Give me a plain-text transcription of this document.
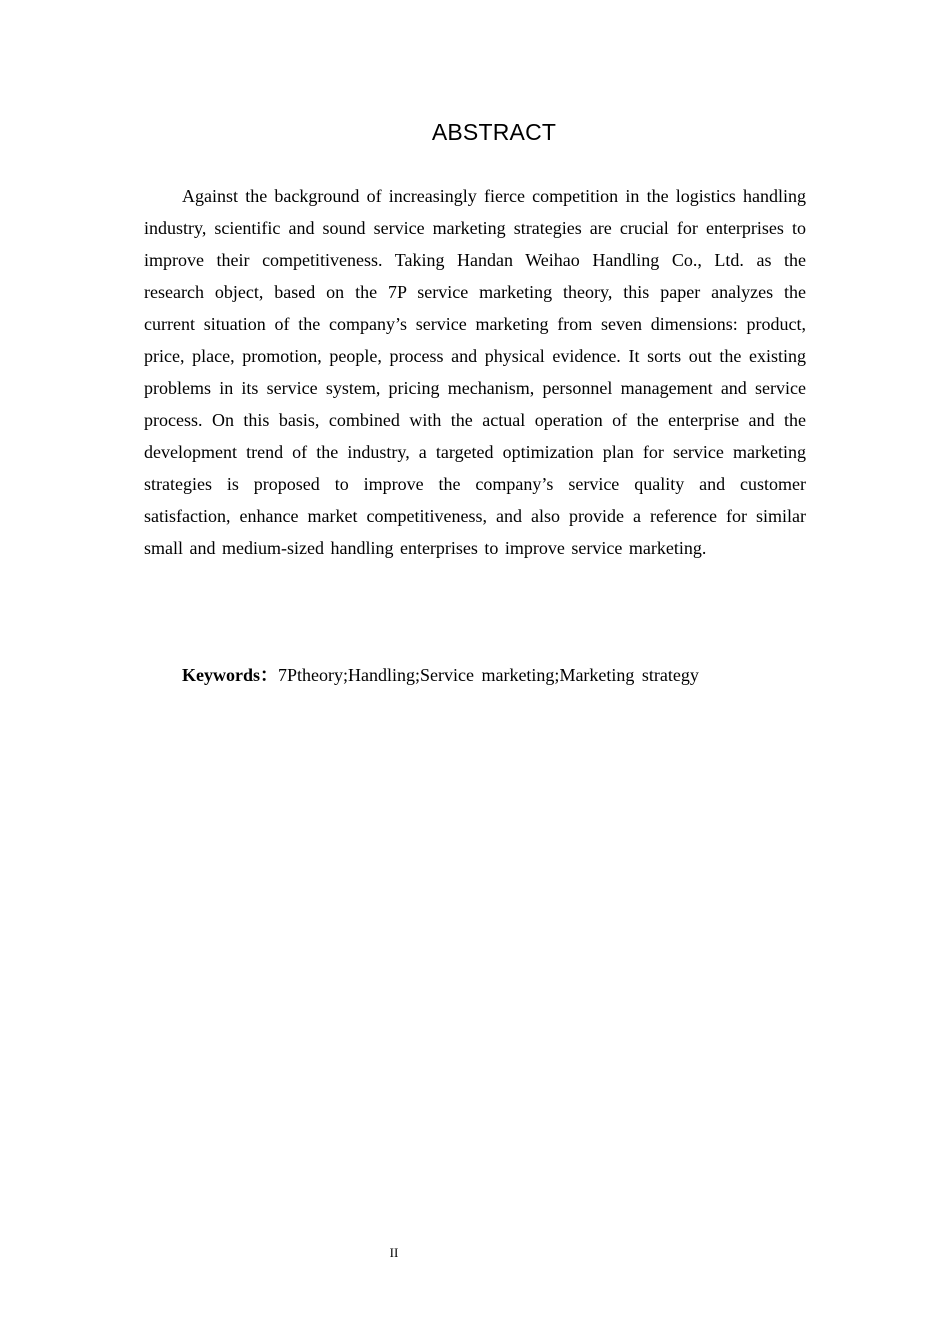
ABSTRACT

Against the background of increasingly fierce competition in the logistics handling industry, scientific and sound service marketing strategies are crucial for enterprises to improve their competitiveness. Taking Handan Weihao Handling Co., Ltd. as the research object, based on the 7P service marketing theory, this paper analyzes the current situation of the company’s service marketing from seven dimensions: product, price, place, promotion, people, process and physical evidence. It sorts out the existing problems in its service system, pricing mechanism, personnel management and service process. On this basis, combined with the actual operation of the enterprise and the development trend of the industry, a targeted optimization plan for service marketing strategies is proposed to improve the company’s service quality and customer satisfaction, enhance market competitiveness, and also provide a reference for similar small and medium-sized handling enterprises to improve service marketing.

Keywords：7Ptheory;Handling;Service marketing;Marketing strategy
II
